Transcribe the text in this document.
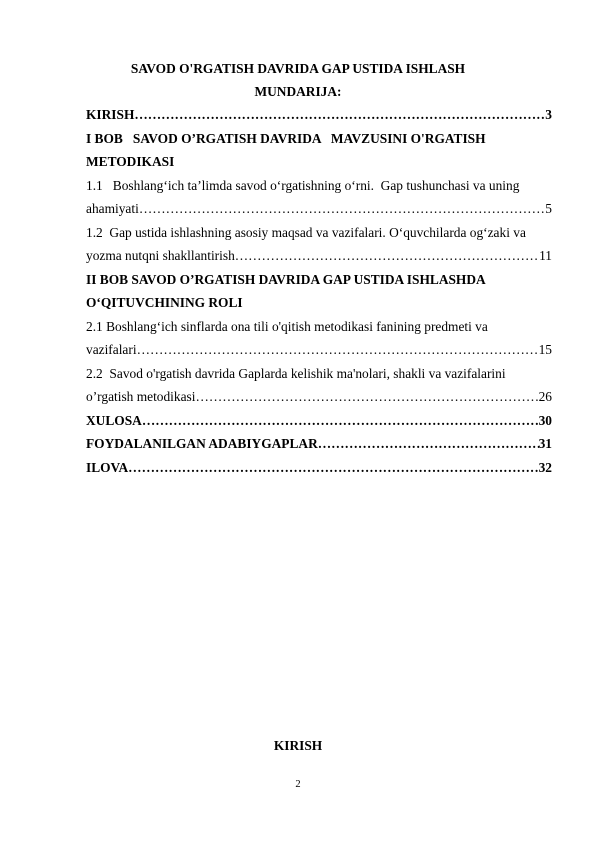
SAVOD O'RGATISH DAVRIDA GAP USTIDA ISHLASH
MUNDARIJA:
KIRISH …………………………………………………………………………………………………………………………………………………………………………………………	3
I BOB   SAVOD O’RGATISH DAVRIDA   MAVZUSINI O'RGATISH
METODIKASI
1.1   Boshlang‘ich ta’limda savod o‘rgatishning o‘rni.  Gap tushunchasi va uning
ahamiyati …………………………………………………………………………………………………………………………………………………………………………………………	5
1.2  Gap ustida ishlashning asosiy maqsad va vazifalari. O‘quvchilarda og‘zaki va
yozma nutqni shakllantirish …………………………………………………………………………………………………………………………………………………………………………………………	11
II BOB SAVOD O’RGATISH DAVRIDA GAP USTIDA ISHLASHDA
O‘QITUVCHINING ROLI
2.1 Boshlang‘ich sinflarda ona tili o'qitish metodikasi fanining predmeti va
vazifalari …………………………………………………………………………………………………………………………………………………………………………………………	15
2.2  Savod o'rgatish davrida Gaplarda kelishik ma'nolari, shakli va vazifalarini
o’rgatish metodikasi …………………………………………………………………………………………………………………………………………………………………………………………	26
XULOSA …………………………………………………………………………………………………………………………………………………………………………………………	30
FOYDALANILGAN ADABIYGAPLAR …………………………………………………………………………………………………………………………………………………………………………………………	31
ILOVA …………………………………………………………………………………………………………………………………………………………………………………………	32
KIRISH
2
